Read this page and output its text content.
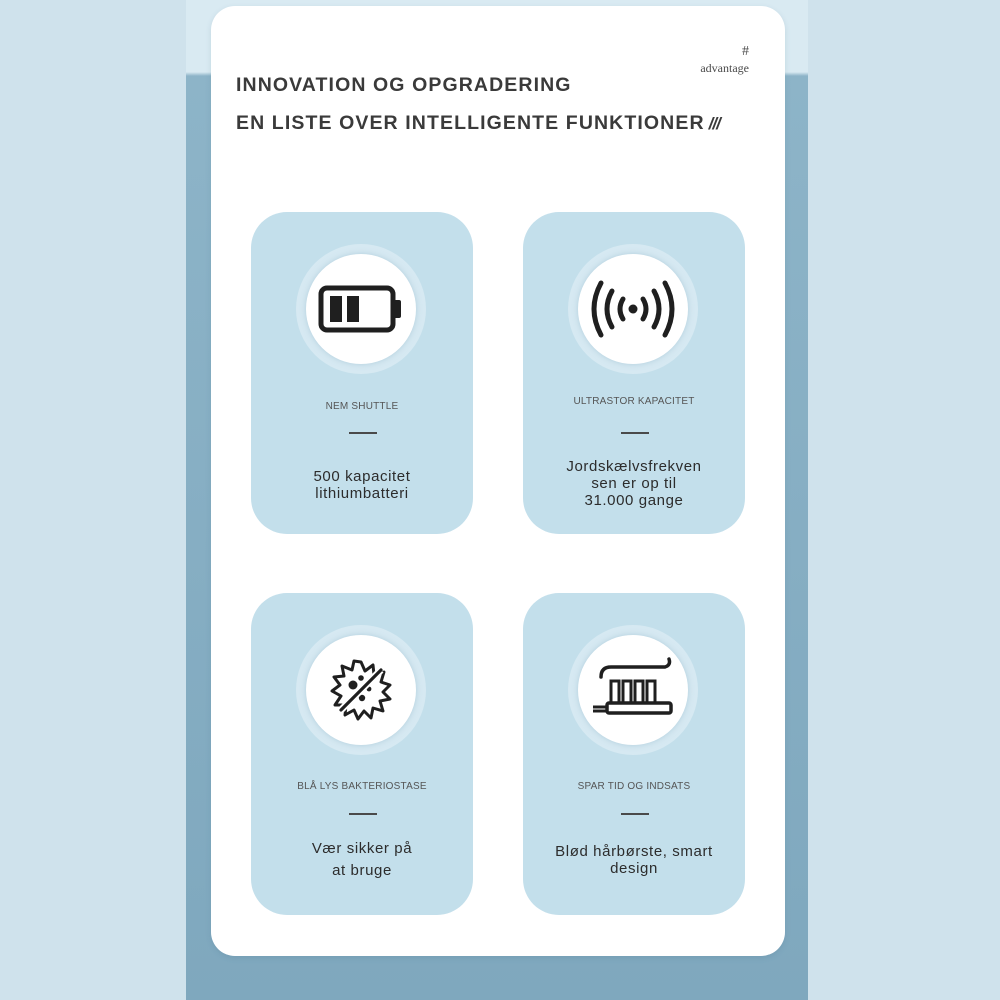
#
advantage
INNOVATION OG OPGRADERING
EN LISTE OVER INTELLIGENTE FUNKTIONER ///
NEM SHUTTLE
500 kapacitet
lithiumbatteri
ULTRASTOR KAPACITET
Jordskælvsfrekven
sen er op til
31.000 gange
BLÅ LYS BAKTERIOSTASE
Vær sikker på
at bruge
SPAR TID OG INDSATS
Blød hårbørste, smart
design
